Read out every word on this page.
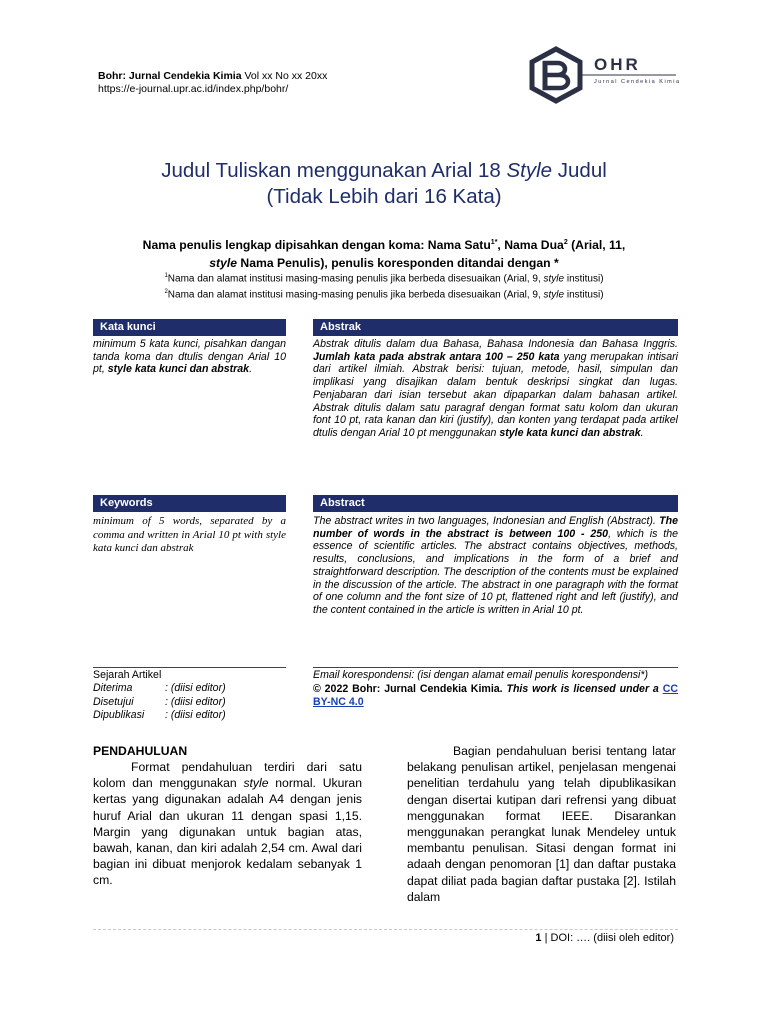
Bohr: Jurnal Cendekia Kimia Vol xx No xx 20xx
https://e-journal.upr.ac.id/index.php/bohr/
OHR
Jurnal Cendekia Kimia
Judul Tuliskan menggunakan Arial 18 Style Judul
(Tidak Lebih dari 16 Kata)
Nama penulis lengkap dipisahkan dengan koma: Nama Satu$^{1*}$, Nama Dua$^2$ (Arial, 11,
style Nama Penulis), penulis koresponden ditandai dengan *
$^1$Nama dan alamat institusi masing-masing penulis jika berbeda disesuaikan (Arial, 9, style institusi)
$^2$Nama dan alamat institusi masing-masing penulis jika berbeda disesuaikan (Arial, 9, style institusi)
Kata kunci	Abstrak
minimum 5 kata kunci, pisahkan dangan tanda koma dan dtulis dengan Arial 10 pt, style kata kunci dan abstrak.
Abstrak ditulis dalam dua Bahasa, Bahasa Indonesia dan Bahasa Inggris. Jumlah kata pada abstrak antara 100 – 250 kata yang merupakan intisari dari artikel ilmiah. Abstrak berisi: tujuan, metode, hasil, simpulan dan implikasi yang disajikan dalam bentuk deskripsi singkat dan lugas. Penjabaran dari isian tersebut akan dipaparkan dalam bahasan artikel. Abstrak ditulis dalam satu paragraf dengan format satu kolom dan ukuran font 10 pt, rata kanan dan kiri (justify), dan konten yang terdapat pada artikel dtulis dengan Arial 10 pt menggunakan style kata kunci dan abstrak.
Keywords	Abstract
minimum of 5 words, separated by a comma and written in Arial 10 pt with style kata kunci dan abstrak
The abstract writes in two languages, Indonesian and English (Abstract). The number of words in the abstract is between 100 - 250, which is the essence of scientific articles. The abstract contains objectives, methods, results, conclusions, and implications in the form of a brief and straightforward description. The description of the contents must be explained in the discussion of the article. The abstract in one paragraph with the format of one column and the font size of 10 pt, flattened right and left (justify), and the content contained in the article is written in Arial 10 pt.
Sejarah Artikel
Diterima	: (diisi editor)
Disetujui	: (diisi editor)
Dipublikasi : (diisi editor)
Email korespondensi: (isi dengan alamat email penulis korespondensi*)
© 2022 Bohr: Jurnal Cendekia Kimia. This work is licensed under a CC BY-NC 4.0
PENDAHULUAN
Format pendahuluan terdiri dari satu kolom dan menggunakan style normal. Ukuran kertas yang digunakan adalah A4 dengan jenis huruf Arial dan ukuran 11 dengan spasi 1,15. Margin yang digunakan untuk bagian atas, bawah, kanan, dan kiri adalah 2,54 cm. Awal dari bagian ini dibuat menjorok kedalam sebanyak 1 cm.
Bagian pendahuluan berisi tentang latar belakang penulisan artikel, penjelasan mengenai penelitian terdahulu yang telah dipublikasikan dengan disertai kutipan dari refrensi yang dibuat menggunakan format IEEE. Disarankan menggunakan perangkat lunak Mendeley untuk membantu penulisan. Sitasi dengan format ini adaah dengan penomoran [1] dan daftar pustaka dapat diliat pada bagian daftar pustaka [2]. Istilah dalam
1 | DOI: …. (diisi oleh editor)
